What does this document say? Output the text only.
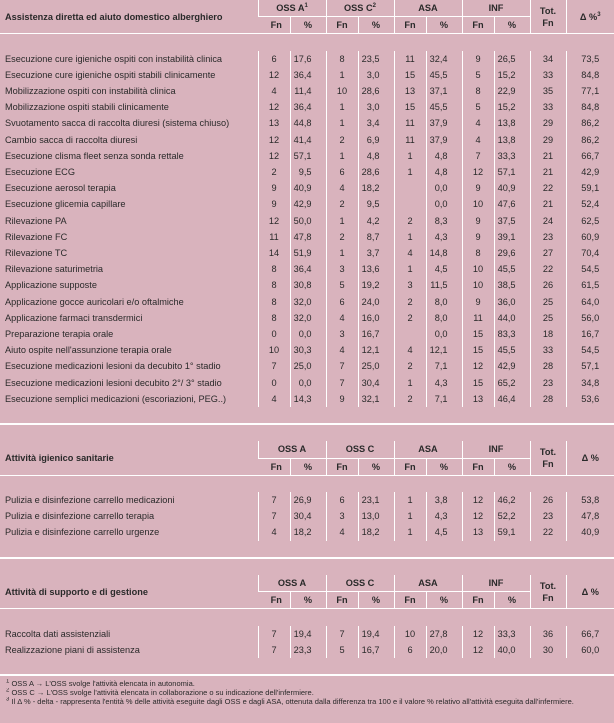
Assistenza diretta ed aiuto domestico alberghiero	OSS $A^1$		OSS $C^2$		ASA		INF		Tot.
Fn	Δ %$^3$
	Fn	%	Fn	%	Fn	%	Fn	%		

Esecuzione cure igieniche ospiti con instabilità clinica	6	17,6	8	23,5	11	32,4	9	26,5	34	73,5
Esecuzione cure igieniche ospiti stabili clinicamente	12	36,4	1	3,0	15	45,5	5	15,2	33	84,8
Mobilizzazione ospiti con instabilità clinica	4	11,4	10	28,6	13	37,1	8	22,9	35	77,1
Mobilizzazione ospiti stabili clinicamente	12	36,4	1	3,0	15	45,5	5	15,2	33	84,8
Svuotamento sacca di raccolta diuresi (sistema chiuso)	13	44,8	1	3,4	11	37,9	4	13,8	29	86,2
Cambio sacca di raccolta diuresi	12	41,4	2	6,9	11	37,9	4	13,8	29	86,2
Esecuzione clisma fleet senza sonda rettale	12	57,1	1	4,8	1	4,8	7	33,3	21	66,7
Esecuzione ECG	2	9,5	6	28,6	1	4,8	12	57,1	21	42,9
Esecuzione aerosol terapia	9	40,9	4	18,2		0,0	9	40,9	22	59,1
Esecuzione glicemia capillare	9	42,9	2	9,5		0,0	10	47,6	21	52,4
Rilevazione PA	12	50,0	1	4,2	2	8,3	9	37,5	24	62,5
Rilevazione FC	11	47,8	2	8,7	1	4,3	9	39,1	23	60,9
Rilevazione TC	14	51,9	1	3,7	4	14,8	8	29,6	27	70,4
Rilevazione saturimetria	8	36,4	3	13,6	1	4,5	10	45,5	22	54,5
Applicazione supposte	8	30,8	5	19,2	3	11,5	10	38,5	26	61,5
Applicazione gocce auricolari e/o oftalmiche	8	32,0	6	24,0	2	8,0	9	36,0	25	64,0
Applicazione farmaci transdermici	8	32,0	4	16,0	2	8,0	11	44,0	25	56,0
Preparazione terapia orale	0	0,0	3	16,7		0,0	15	83,3	18	16,7
Aiuto ospite nell'assunzione terapia orale	10	30,3	4	12,1	4	12,1	15	45,5	33	54,5
Esecuzione medicazioni lesioni da decubito 1° stadio	7	25,0	7	25,0	2	7,1	12	42,9	28	57,1
Esecuzione medicazioni lesioni decubito 2°/ 3° stadio	0	0,0	7	30,4	1	4,3	15	65,2	23	34,8
Esecuzione semplici medicazioni (escoriazioni, PEG..)	4	14,3	9	32,1	2	7,1	13	46,4	28	53,6

Attività igienico sanitarie	OSS A		OSS C		ASA		INF		Tot.
Fn	Δ %
	Fn	%	Fn	%	Fn	%	Fn	%		

Pulizia e disinfezione carrello medicazioni	7	26,9	6	23,1	1	3,8	12	46,2	26	53,8
Pulizia e disinfezione carrello terapia	7	30,4	3	13,0	1	4,3	12	52,2	23	47,8
Pulizia e disinfezione carrello urgenze	4	18,2	4	18,2	1	4,5	13	59,1	22	40,9

Attività di supporto e di gestione	OSS A		OSS C		ASA		INF		Tot.
Fn	Δ %
	Fn	%	Fn	%	Fn	%	Fn	%		

Raccolta dati assistenziali	7	19,4	7	19,4	10	27,8	12	33,3	36	66,7
Realizzazione piani di assistenza	7	23,3	5	16,7	6	20,0	12	40,0	30	60,0

$^1$ OSS A → L'OSS svolge l'attività elencata in autonomia.
$^2$ OSS C → L'OSS svolge l'attività elencata in collaborazione o su indicazione dell'infermiere.
$^3$ Il Δ % - delta - rappresenta l'entità % delle attività eseguite dagli OSS e dagli ASA, ottenuta dalla differenza tra 100 e il valore % relativo all'attività eseguita dall'infermiere.
